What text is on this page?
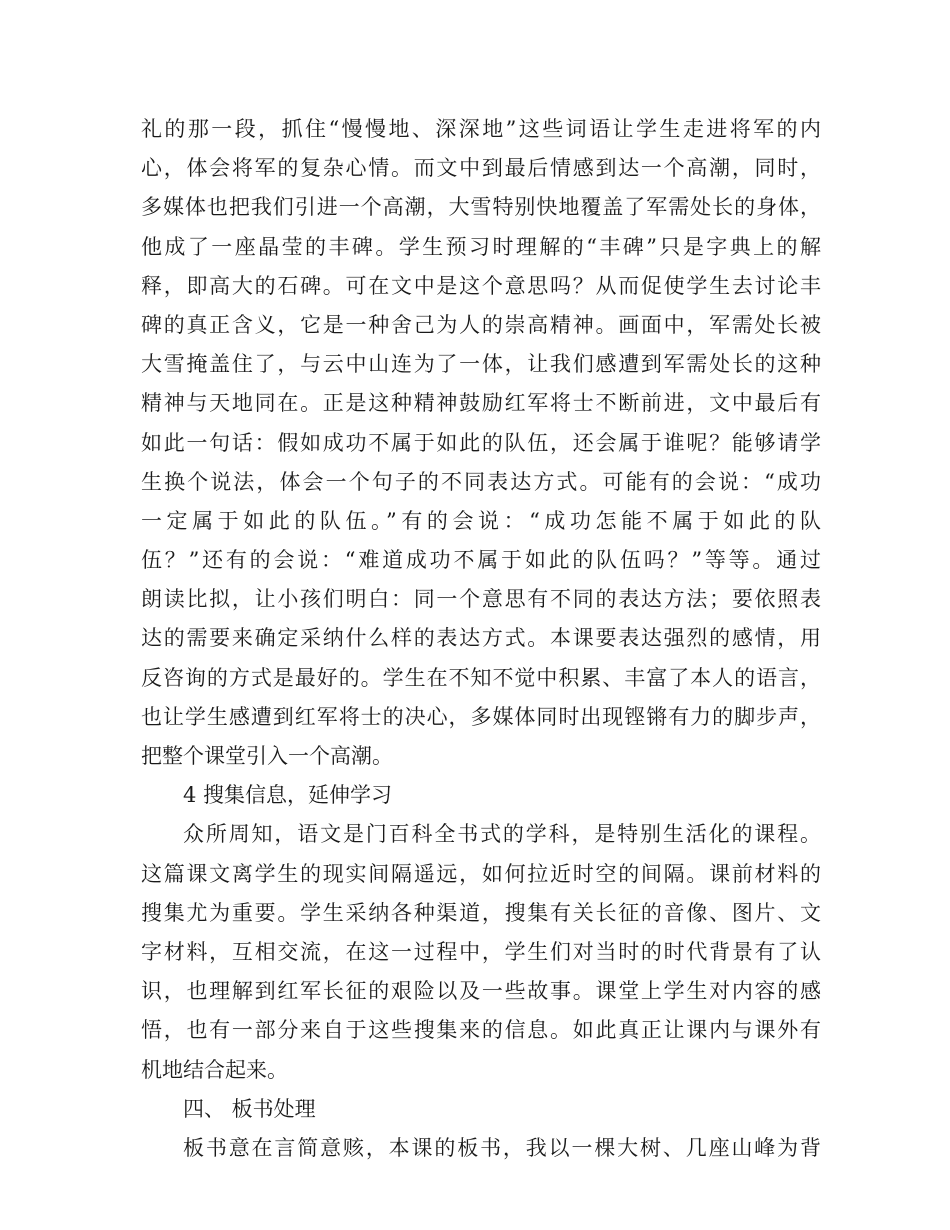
礼的那一段，抓住“慢慢地、深深地”这些词语让学生走进将军的内
心，体会将军的复杂心情。而文中到最后情感到达一个高潮，同时，
多媒体也把我们引进一个高潮，大雪特别快地覆盖了军需处长的身体，
他成了一座晶莹的丰碑。学生预习时理解的“丰碑”只是字典上的解
释，即高大的石碑。可在文中是这个意思吗？从而促使学生去讨论丰
碑的真正含义，它是一种舍己为人的崇高精神。画面中，军需处长被
大雪掩盖住了，与云中山连为了一体，让我们感遭到军需处长的这种
精神与天地同在。正是这种精神鼓励红军将士不断前进，文中最后有
如此一句话：假如成功不属于如此的队伍，还会属于谁呢？能够请学
生换个说法，体会一个句子的不同表达方式。可能有的会说：“成功
一定属于如此的队伍。”有的会说：“成功怎能不属于如此的队
伍？”还有的会说：“难道成功不属于如此的队伍吗？”等等。通过
朗读比拟，让小孩们明白：同一个意思有不同的表达方法；要依照表
达的需要来确定采纳什么样的表达方式。本课要表达强烈的感情，用
反咨询的方式是最好的。学生在不知不觉中积累、丰富了本人的语言，
也让学生感遭到红军将士的决心，多媒体同时出现铿锵有力的脚步声，
把整个课堂引入一个高潮。
4 搜集信息，延伸学习
众所周知，语文是门百科全书式的学科，是特别生活化的课程。
这篇课文离学生的现实间隔遥远，如何拉近时空的间隔。课前材料的
搜集尤为重要。学生采纳各种渠道，搜集有关长征的音像、图片、文
字材料，互相交流，在这一过程中，学生们对当时的时代背景有了认
识，也理解到红军长征的艰险以及一些故事。课堂上学生对内容的感
悟，也有一部分来自于这些搜集来的信息。如此真正让课内与课外有
机地结合起来。
四、 板书处理
板书意在言简意赅，本课的板书，我以一棵大树、几座山峰为背
